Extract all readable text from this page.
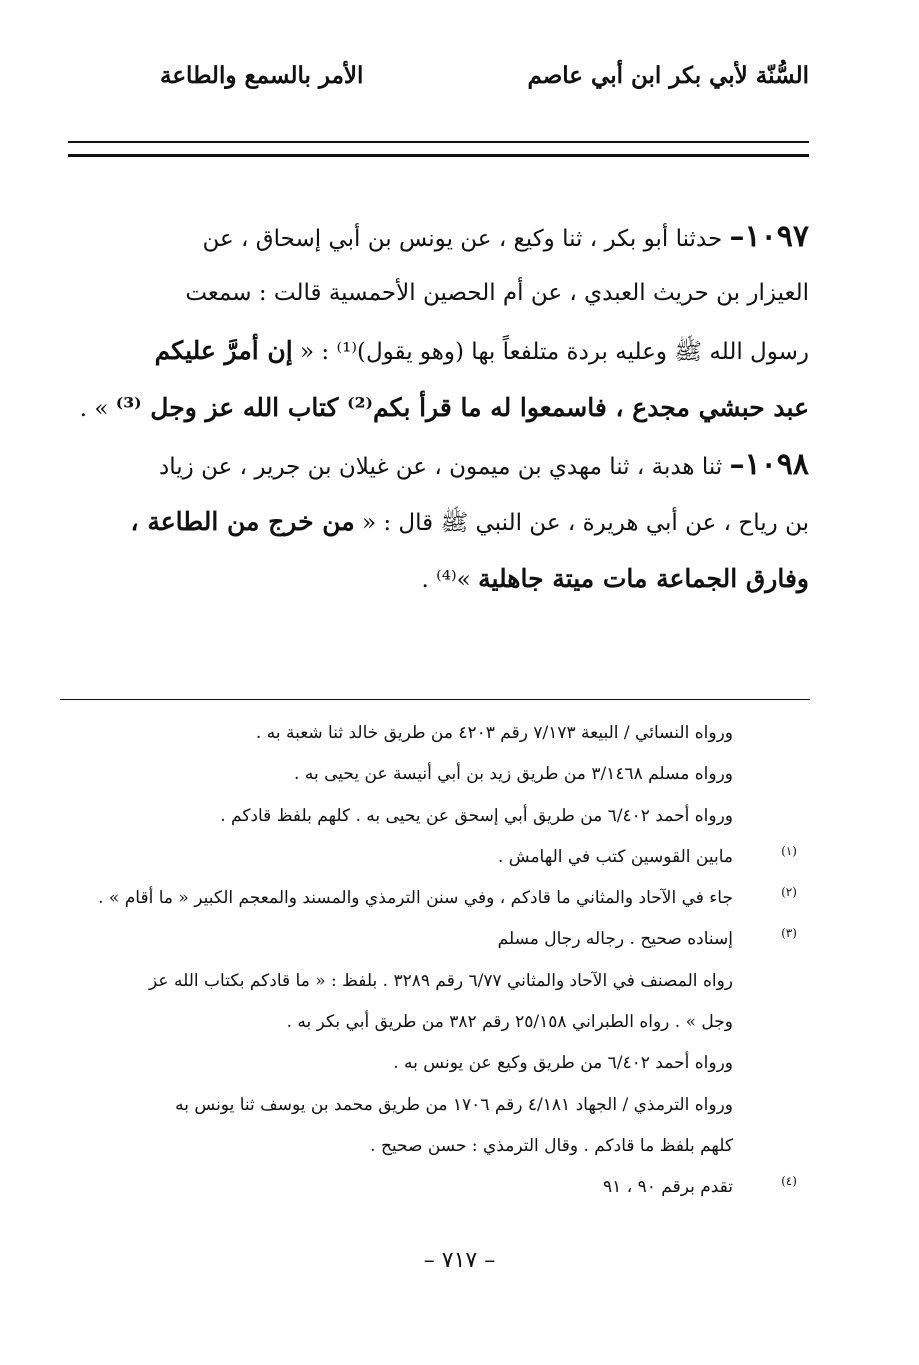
السُّنّة لأبي بكر ابن أبي عاصم
الأمر بالسمع والطاعة
١٠٩٧– حدثنا أبو بكر ، ثنا وكيع ، عن يونس بن أبي إسحاق ، عن
العيزار بن حريث العبدي ، عن أم الحصين الأحمسية قالت : سمعت
رسول الله ﷺ وعليه بردة متلفعاً بها (وهو يقول)⁽¹⁾ : « إن أمرَّ عليكم
عبد حبشي مجدع ، فاسمعوا له ما قرأ بكم⁽²⁾ كتاب الله عز وجل ⁽³⁾ » .
١٠٩٨– ثنا هدبة ، ثنا مهدي بن ميمون ، عن غيلان بن جرير ، عن زياد
بن رياح ، عن أبي هريرة ، عن النبي ﷺ قال : « من خرج من الطاعة ،
وفارق الجماعة مات ميتة جاهلية »⁽⁴⁾ .
ورواه النسائي / البيعة ٧/١٧٣ رقم ٤٢٠٣ من طريق خالد ثنا شعبة به .
ورواه مسلم ٣/١٤٦٨ من طريق زيد بن أبي أنيسة عن يحيى به .
ورواه أحمد ٦/٤٠٢ من طريق أبي إسحق عن يحيى به . كلهم بلفظ قادكم .
(١)
مابين القوسين كتب في الهامش .
(٢)
جاء في الآحاد والمثاني ما قادكم ، وفي سنن الترمذي والمسند والمعجم الكبير « ما أقام » .
(٣)
إسناده صحيح . رجاله رجال مسلم
رواه المصنف في الآحاد والمثاني ٦/٧٧ رقم ٣٢٨٩ . بلفظ : « ما قادكم بكتاب الله عز
وجل » . رواه الطبراني ٢٥/١٥٨ رقم ٣٨٢ من طريق أبي بكر به .
ورواه أحمد ٦/٤٠٢ من طريق وكيع عن يونس به .
ورواه الترمذي / الجهاد ٤/١٨١ رقم ١٧٠٦ من طريق محمد بن يوسف ثنا يونس به
كلهم بلفظ ما قادكم . وقال الترمذي : حسن صحيح .
(٤)
تقدم برقم ٩٠ ، ٩١
– ٧١٧ –
